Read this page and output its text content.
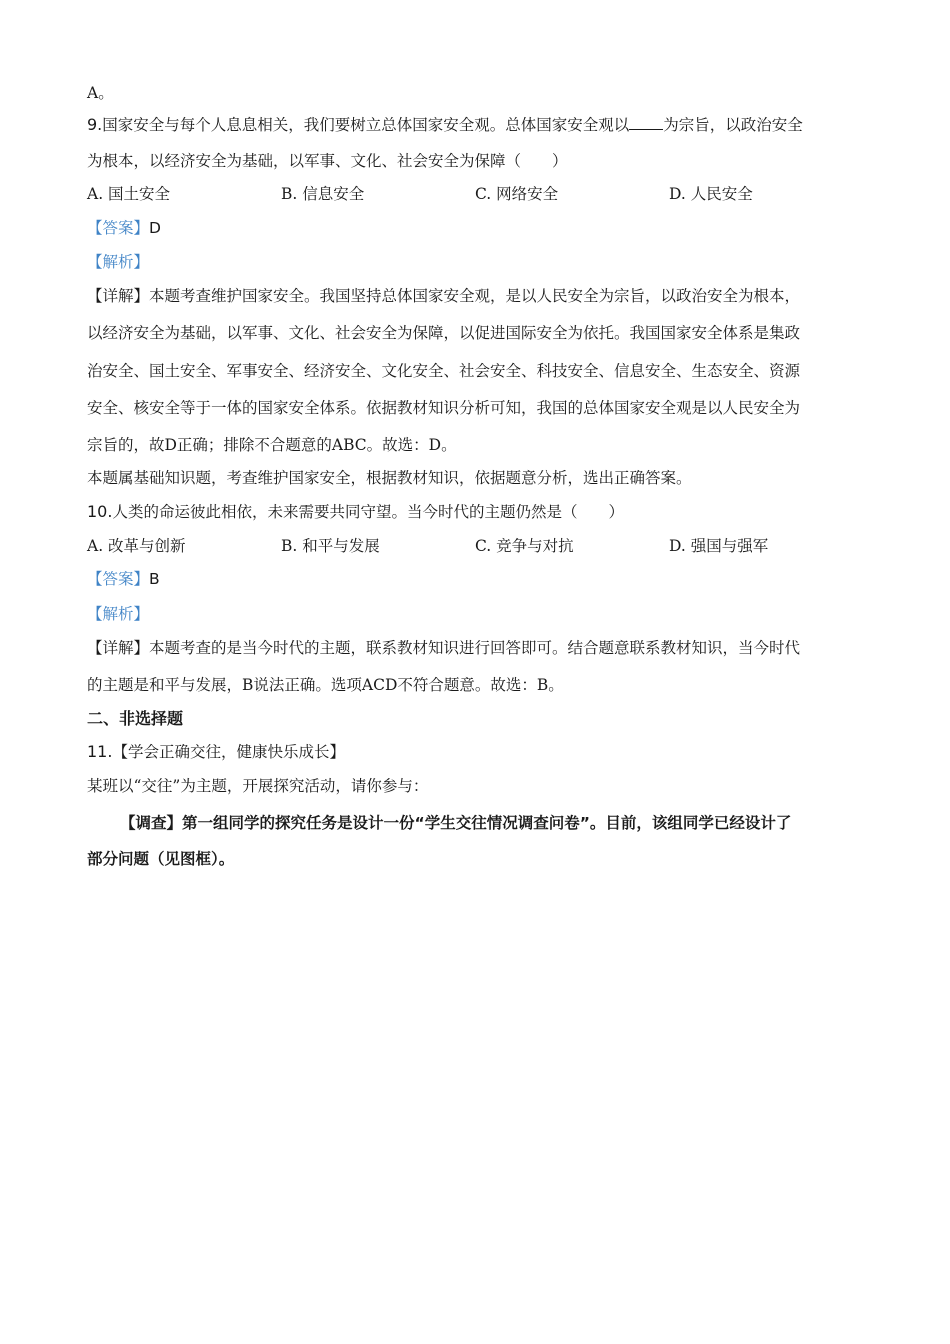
A。
9.国家安全与每个人息息相关，我们要树立总体国家安全观。总体国家安全观以 为宗旨，以政治安全
为根本，以经济安全为基础，以军事、文化、社会安全为保障（　　）
A. 国土安全	B. 信息安全	C. 网络安全	D. 人民安全
【答案】D
【解析】
【详解】本题考查维护国家安全。我国坚持总体国家安全观，是以人民安全为宗旨，以政治安全为根本，
以经济安全为基础，以军事、文化、社会安全为保障，以促进国际安全为依托。我国国家安全体系是集政
治安全、国土安全、军事安全、经济安全、文化安全、社会安全、科技安全、信息安全、生态安全、资源
安全、核安全等于一体的国家安全体系。依据教材知识分析可知，我国的总体国家安全观是以人民安全为
宗旨的，故D正确；排除不合题意的ABC。故选：D。
本题属基础知识题，考查维护国家安全，根据教材知识，依据题意分析，选出正确答案。
10.人类的命运彼此相依，未来需要共同守望。当今时代的主题仍然是（　　）
A. 改革与创新	B. 和平与发展	C. 竞争与对抗	D. 强国与强军
【答案】B
【解析】
【详解】本题考查的是当今时代的主题，联系教材知识进行回答即可。结合题意联系教材知识，当今时代
的主题是和平与发展，B说法正确。选项ACD不符合题意。故选：B。
二、非选择题
11.【学会正确交往，健康快乐成长】
某班以“交往”为主题，开展探究活动，请你参与：
【调查】第一组同学的探究任务是设计一份“学生交往情况调查问卷”。目前，该组同学已经设计了
部分问题（见图框）。
